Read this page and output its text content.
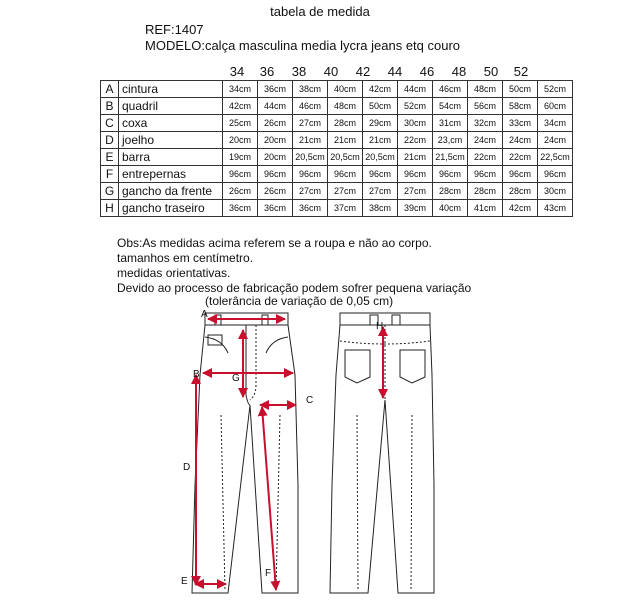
tabela de medida
REF:1407
MODELO:calça masculina media lycra jeans etq couro
34	36	38	40	42	44	46	48	50	52
A	cintura	34cm	36cm	38cm	40cm	42cm	44cm	46cm	48cm	50cm	52cm
B	quadril	42cm	44cm	46cm	48cm	50cm	52cm	54cm	56cm	58cm	60cm
C	coxa	25cm	26cm	27cm	28cm	29cm	30cm	31cm	32cm	33cm	34cm
D	joelho	20cm	20cm	21cm	21cm	21cm	22cm	23,cm	24cm	24cm	24cm
E	barra	19cm	20cm	20,5cm	20,5cm	20,5cm	21cm	21,5cm	22cm	22cm	22,5cm
F	entrepernas	96cm	96cm	96cm	96cm	96cm	96cm	96cm	96cm	96cm	96cm
G	gancho da frente	26cm	26cm	27cm	27cm	27cm	27cm	28cm	28cm	28cm	30cm
H	gancho traseiro	36cm	36cm	36cm	37cm	38cm	39cm	40cm	41cm	42cm	43cm
Obs:As medidas acima referem se a roupa e não ao corpo.
tamanhos em centímetro.
medidas orientativas.
Devido ao processo de fabricação podem sofrer pequena variação
(tolerância de variação de 0,05 cm)
A
B
C
D
E
F
G
H
